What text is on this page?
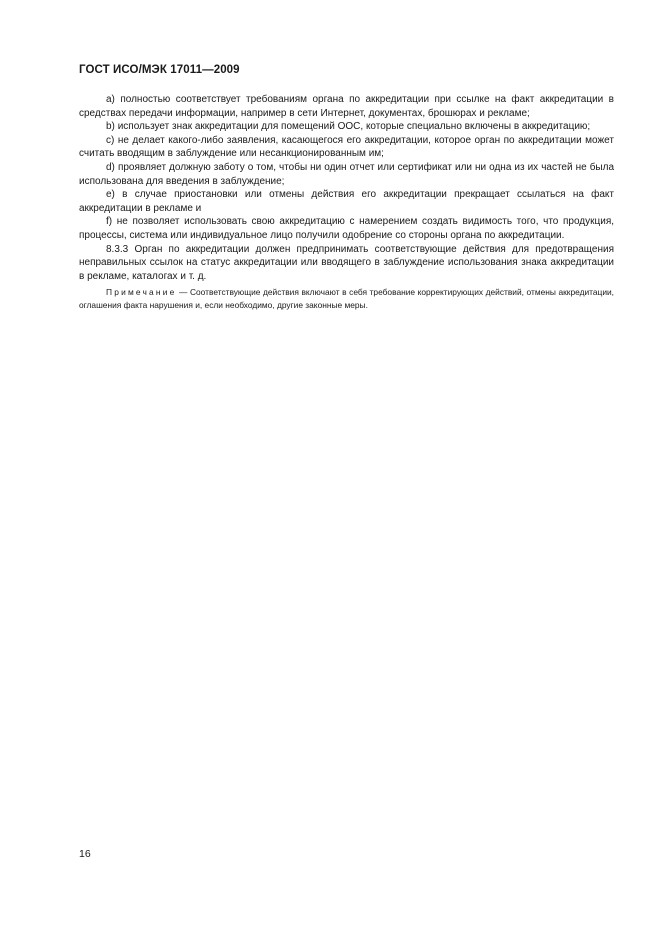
ГОСТ ИСО/МЭК 17011—2009

a) полностью соответствует требованиям органа по аккредитации при ссылке на факт аккредитации в средствах передачи информации, например в сети Интернет, документах, брошюрах и рекламе;

b) использует знак аккредитации для помещений ООС, которые специально включены в аккредитацию;

c) не делает какого-либо заявления, касающегося его аккредитации, которое орган по аккредитации может считать вводящим в заблуждение или несанкционированным им;

d) проявляет должную заботу о том, чтобы ни один отчет или сертификат или ни одна из их частей не была использована для введения в заблуждение;

e) в случае приостановки или отмены действия его аккредитации прекращает ссылаться на факт аккредитации в рекламе и

f) не позволяет использовать свою аккредитацию с намерением создать видимость того, что продукция, процессы, система или индивидуальное лицо получили одобрение со стороны органа по аккредитации.

8.3.3 Орган по аккредитации должен предпринимать соответствующие действия для предотвращения неправильных ссылок на статус аккредитации или вводящего в заблуждение использования знака аккредитации в рекламе, каталогах и т. д.

Примечание — Соответствующие действия включают в себя требование корректирующих действий, отмены аккредитации, оглашения факта нарушения и, если необходимо, другие законные меры.

16
